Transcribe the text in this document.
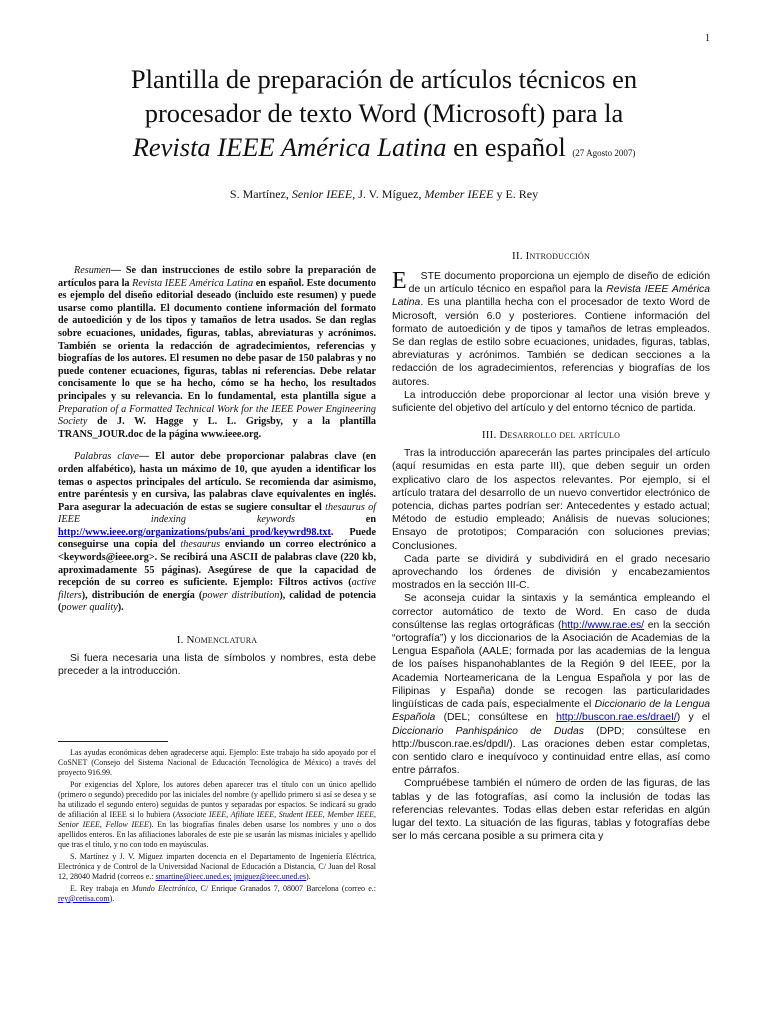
1
Plantilla de preparación de artículos técnicos en
procesador de texto Word (Microsoft) para la
Revista IEEE América Latina en español (27 Agosto 2007)
S. Martínez, Senior IEEE, J. V. Míguez, Member IEEE y E. Rey

Resumen— Se dan instrucciones de estilo sobre la preparación de artículos para la Revista IEEE América Latina en español. Este documento es ejemplo del diseño editorial deseado (incluido este resumen) y puede usarse como plantilla. El documento contiene información del formato de autoedición y de los tipos y tamaños de letra usados. Se dan reglas sobre ecuaciones, unidades, figuras, tablas, abreviaturas y acrónimos. También se orienta la redacción de agradecimientos, referencias y biografías de los autores. El resumen no debe pasar de 150 palabras y no puede contener ecuaciones, figuras, tablas ni referencias. Debe relatar concisamente lo que se ha hecho, cómo se ha hecho, los resultados principales y su relevancia. En lo fundamental, esta plantilla sigue a Preparation of a Formatted Technical Work for the IEEE Power Engineering Society de J. W. Hagge y L. L. Grigsby, y a la plantilla TRANS_JOUR.doc de la página www.ieee.org.

Palabras clave— El autor debe proporcionar palabras clave (en orden alfabético), hasta un máximo de 10, que ayuden a identificar los temas o aspectos principales del artículo. Se recomienda dar asimismo, entre paréntesis y en cursiva, las palabras clave equivalentes en inglés. Para asegurar la adecuación de estas se sugiere consultar el thesaurus of IEEE indexing keywords en http://www.ieee.org/organizations/pubs/ani_prod/keywrd98.txt. Puede conseguirse una copia del thesaurus enviando un correo electrónico a <keywords@ieee.org>. Se recibirá una ASCII de palabras clave (220 kb, aproximadamente 55 páginas). Asegúrese de que la capacidad de recepción de su correo es suficiente. Ejemplo: Filtros activos (active filters), distribución de energía (power distribution), calidad de potencia (power quality).

I. Nomenclatura

Si fuera necesaria una lista de símbolos y nombres, esta debe preceder a la introducción.

Las ayudas económicas deben agradecerse aquí. Ejemplo: Este trabajo ha sido apoyado por el CoSNET (Consejo del Sistema Nacional de Educación Tecnológica de México) a través del proyecto 916.99.

Por exigencias del Xplore, los autores deben aparecer tras el título con un único apellido (primero o segundo) precedido por las iniciales del nombre (y apellido primero si así se desea y se ha utilizado el segundo entero) seguidas de puntos y separadas por espacios. Se indicará su grado de afiliación al IEEE si lo hubiera (Associate IEEE, Afiliate IEEE, Student IEEE, Member IEEE, Senior IEEE, Fellow IEEE). En las biografías finales deben usarse los nombres y uno o dos apellidos enteros. En las afiliaciones laborales de este pie se usarán las mismas iniciales y apellido que tras el título, y no con todo en mayúsculas.

S. Martínez y J. V. Míguez imparten docencia en el Departamento de Ingeniería Eléctrica, Electrónica y de Control de la Universidad Nacional de Educación a Distancia, C/ Juan del Rosal 12, 28040 Madrid (correos e.: smartine@ieec.uned.es; jmiguez@ieec.uned.es).

E. Rey trabaja en Mundo Electrónico, C/ Enrique Granados 7, 08007 Barcelona (correo e.: rey@cetisa.com).

II. Introducción

E STE documento proporciona un ejemplo de diseño de edición de un artículo técnico en español para la Revista IEEE América Latina. Es una plantilla hecha con el procesador de texto Word de Microsoft, versión 6.0 y posteriores. Contiene información del formato de autoedición y de tipos y tamaños de letras empleados. Se dan reglas de estilo sobre ecuaciones, unidades, figuras, tablas, abreviaturas y acrónimos. También se dedican secciones a la redacción de los agradecimientos, referencias y biografías de los autores.

La introducción debe proporcionar al lector una visión breve y suficiente del objetivo del artículo y del entorno técnico de partida.

III. Desarrollo del artículo

Tras la introducción aparecerán las partes principales del artículo (aquí resumidas en esta parte III), que deben seguir un orden explicativo claro de los aspectos relevantes. Por ejemplo, si el artículo tratara del desarrollo de un nuevo convertidor electrónico de potencia, dichas partes podrían ser: Antecedentes y estado actual; Método de estudio empleado; Análisis de nuevas soluciones; Ensayo de prototipos; Comparación con soluciones previas; Conclusiones.

Cada parte se dividirá y subdividirá en el grado necesario aprovechando los órdenes de división y encabezamientos mostrados en la sección III-C.

Se aconseja cuidar la sintaxis y la semántica empleando el corrector automático de texto de Word. En caso de duda consúltense las reglas ortográficas (http://www.rae.es/ en la sección “ortografía”) y los diccionarios de la Asociación de Academias de la Lengua Española (AALE; formada por las academias de la lengua de los países hispanohablantes de la Región 9 del IEEE, por la Academia Norteamericana de la Lengua Española y por las de Filipinas y España) donde se recogen las particularidades lingüísticas de cada país, especialmente el Diccionario de la Lengua Española (DEL; consúltese en http://buscon.rae.es/draeI/) y el Diccionario Panhispánico de Dudas (DPD; consúltese en http://buscon.rae.es/dpdI/). Las oraciones deben estar completas, con sentido claro e inequívoco y continuidad entre ellas, así como entre párrafos.

Compruébese también el número de orden de las figuras, de las tablas y de las fotografías, así como la inclusión de todas las referencias relevantes. Todas ellas deben estar referidas en algún lugar del texto. La situación de las figuras, tablas y fotografías debe ser lo más cercana posible a su primera cita y
